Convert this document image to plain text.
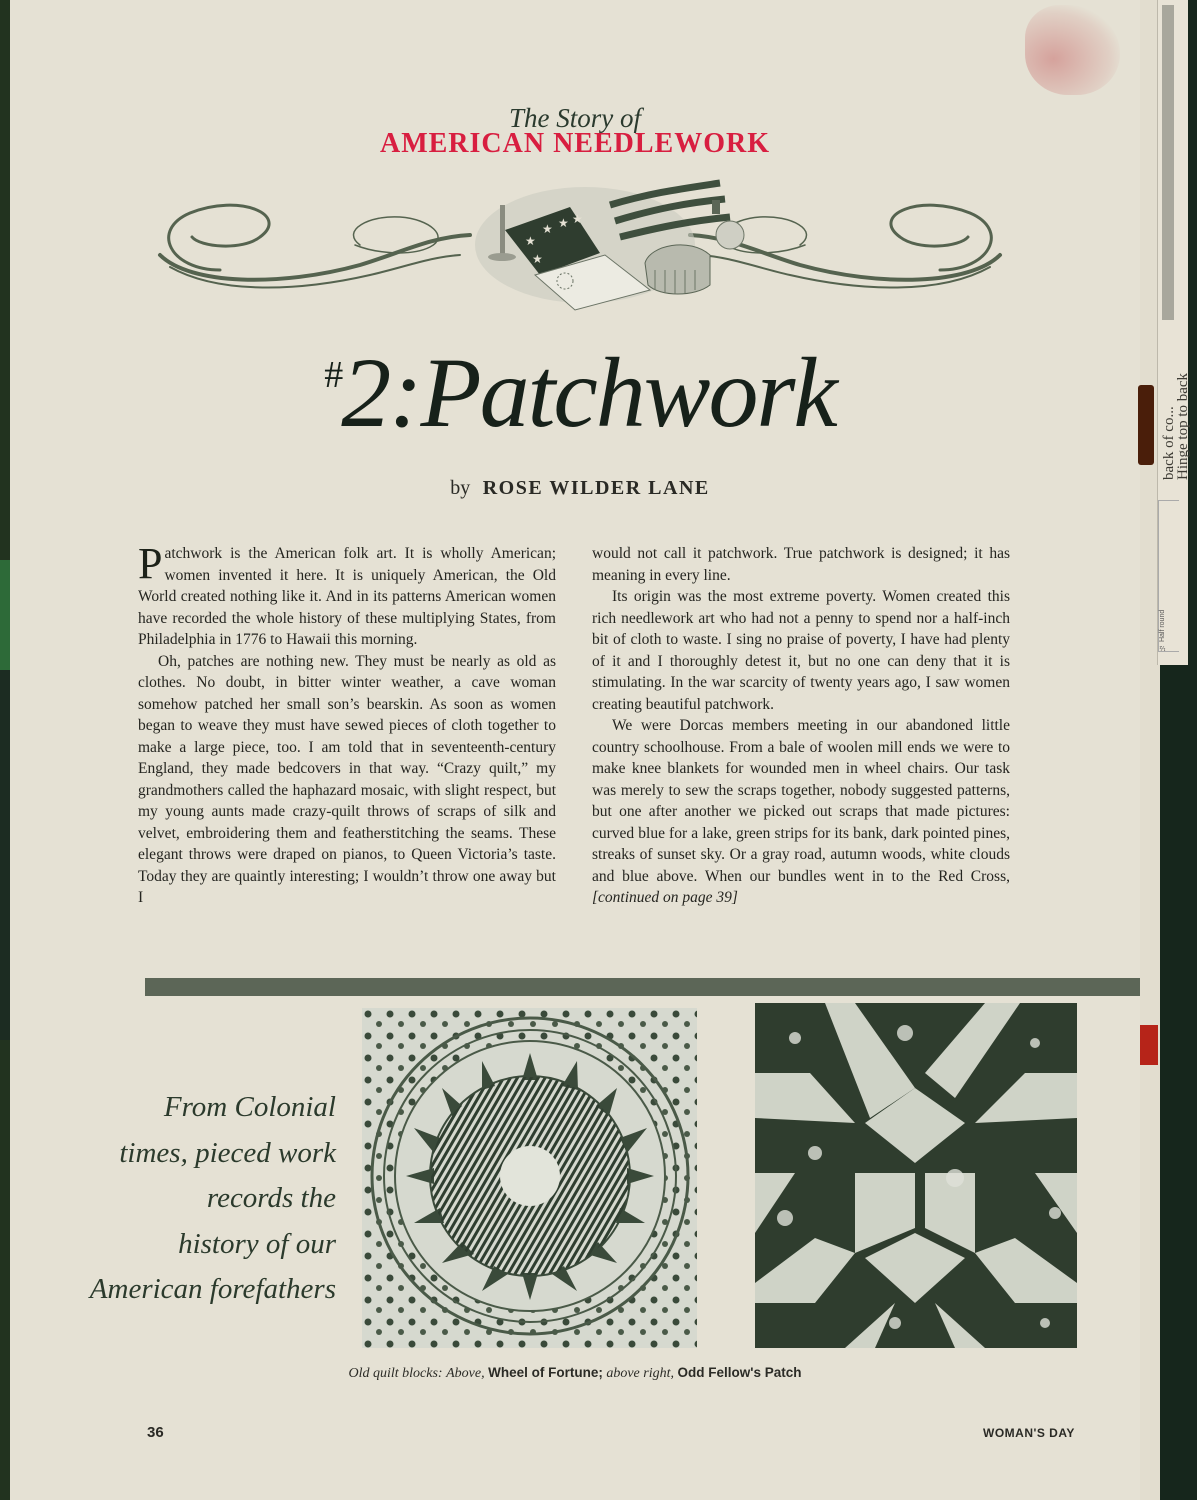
The Story of
AMERICAN NEEDLEWORK
★
★ ★ ★
★
#2:Patchwork
by ROSE WILDER LANE

Patchwork is the American folk art. It is wholly American; women invented it here. It is uniquely American, the Old World created nothing like it. And in its patterns American women have recorded the whole history of these multiplying States, from Philadelphia in 1776 to Hawaii this morning.

Oh, patches are nothing new. They must be nearly as old as clothes. No doubt, in bitter winter weather, a cave woman somehow patched her small son’s bearskin. As soon as women began to weave they must have sewed pieces of cloth together to make a large piece, too. I am told that in seventeenth-century England, they made bedcovers in that way. “Crazy quilt,” my grandmothers called the haphazard mosaic, with slight respect, but my young aunts made crazy-quilt throws of scraps of silk and velvet, embroidering them and featherstitching the seams. These elegant throws were draped on pianos, to Queen Victoria’s taste. Today they are quaintly interesting; I wouldn’t throw one away but I

would not call it patchwork. True patchwork is designed; it has meaning in every line.

Its origin was the most extreme poverty. Women created this rich needlework art who had not a penny to spend nor a half-inch bit of cloth to waste. I sing no praise of poverty, I have had plenty of it and I thoroughly detest it, but no one can deny that it is stimulating. In the war scarcity of twenty years ago, I saw women creating beautiful patchwork.

We were Dorcas members meeting in our abandoned little country schoolhouse. From a bale of woolen mill ends we were to make knee blankets for wounded men in wheel chairs. Our task was merely to sew the scraps together, nobody suggested patterns, but one after another we picked out scraps that made pictures: curved blue for a lake, green strips for its bank, dark pointed pines, streaks of sunset sky. Or a gray road, autumn woods, white clouds and blue above. When our bundles went in to the Red Cross, [continued on page 39]

From Colonial
times, pieced work
records the
history of our
American forefathers
Old quilt blocks: Above, Wheel of Fortune; above right, Odd Fellow's Patch
36	WOMAN'S DAY
back of co...
Hinge top to back
½ Half round
